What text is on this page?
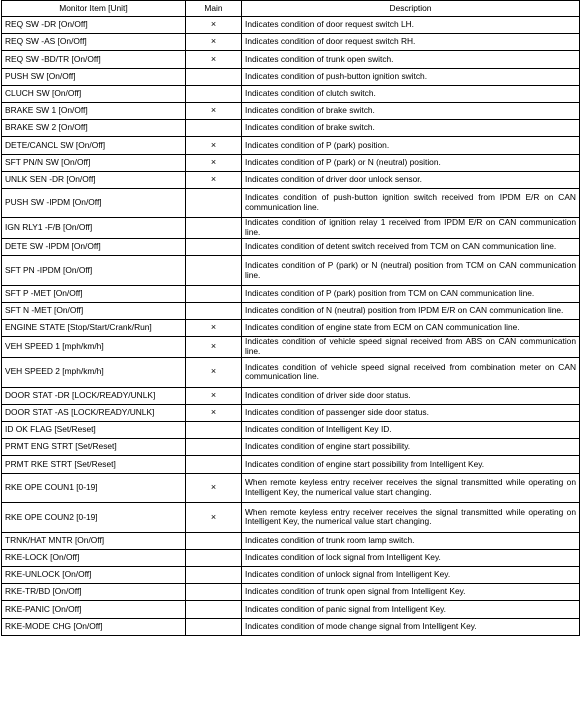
Monitor Item [Unit]	Main	Description
REQ SW -DR [On/Off]	×	Indicates condition of door request switch LH.
REQ SW -AS [On/Off]	×	Indicates condition of door request switch RH.
REQ SW -BD/TR [On/Off]	×	Indicates condition of trunk open switch.
PUSH SW [On/Off]		Indicates condition of push-button ignition switch.
CLUCH SW [On/Off]		Indicates condition of clutch switch.
BRAKE SW 1 [On/Off]	×	Indicates condition of brake switch.
BRAKE SW 2 [On/Off]		Indicates condition of brake switch.
DETE/CANCL SW [On/Off]	×	Indicates condition of P (park) position.
SFT PN/N SW [On/Off]	×	Indicates condition of P (park) or N (neutral) position.
UNLK SEN -DR [On/Off]	×	Indicates condition of driver door unlock sensor.
PUSH SW -IPDM [On/Off]		Indicates condition of push-button ignition switch received from IPDM E/R on CAN communication line.
IGN RLY1 -F/B [On/Off]		Indicates condition of ignition relay 1 received from IPDM E/R on CAN communication line.
DETE SW -IPDM [On/Off]		Indicates condition of detent switch received from TCM on CAN communication line.
SFT PN -IPDM [On/Off]		Indicates condition of P (park) or N (neutral) position from TCM on CAN communication line.
SFT P -MET [On/Off]		Indicates condition of P (park) position from TCM on CAN communication line.
SFT N -MET [On/Off]		Indicates condition of N (neutral) position from IPDM E/R on CAN communication line.
ENGINE STATE [Stop/Start/Crank/Run]	×	Indicates condition of engine state from ECM on CAN communication line.
VEH SPEED 1 [mph/km/h]	×	Indicates condition of vehicle speed signal received from ABS on CAN communication line.
VEH SPEED 2 [mph/km/h]	×	Indicates condition of vehicle speed signal received from combination meter on CAN communication line.
DOOR STAT -DR [LOCK/READY/UNLK]	×	Indicates condition of driver side door status.
DOOR STAT -AS [LOCK/READY/UNLK]	×	Indicates condition of passenger side door status.
ID OK FLAG [Set/Reset]		Indicates condition of Intelligent Key ID.
PRMT ENG STRT [Set/Reset]		Indicates condition of engine start possibility.
PRMT RKE STRT [Set/Reset]		Indicates condition of engine start possibility from Intelligent Key.
RKE OPE COUN1 [0-19]	×	When remote keyless entry receiver receives the signal transmitted while operating on Intelligent Key, the numerical value start changing.
RKE OPE COUN2 [0-19]	×	When remote keyless entry receiver receives the signal transmitted while operating on Intelligent Key, the numerical value start changing.
TRNK/HAT MNTR [On/Off]		Indicates condition of trunk room lamp switch.
RKE-LOCK [On/Off]		Indicates condition of lock signal from Intelligent Key.
RKE-UNLOCK [On/Off]		Indicates condition of unlock signal from Intelligent Key.
RKE-TR/BD [On/Off]		Indicates condition of trunk open signal from Intelligent Key.
RKE-PANIC [On/Off]		Indicates condition of panic signal from Intelligent Key.
RKE-MODE CHG [On/Off]		Indicates condition of mode change signal from Intelligent Key.
